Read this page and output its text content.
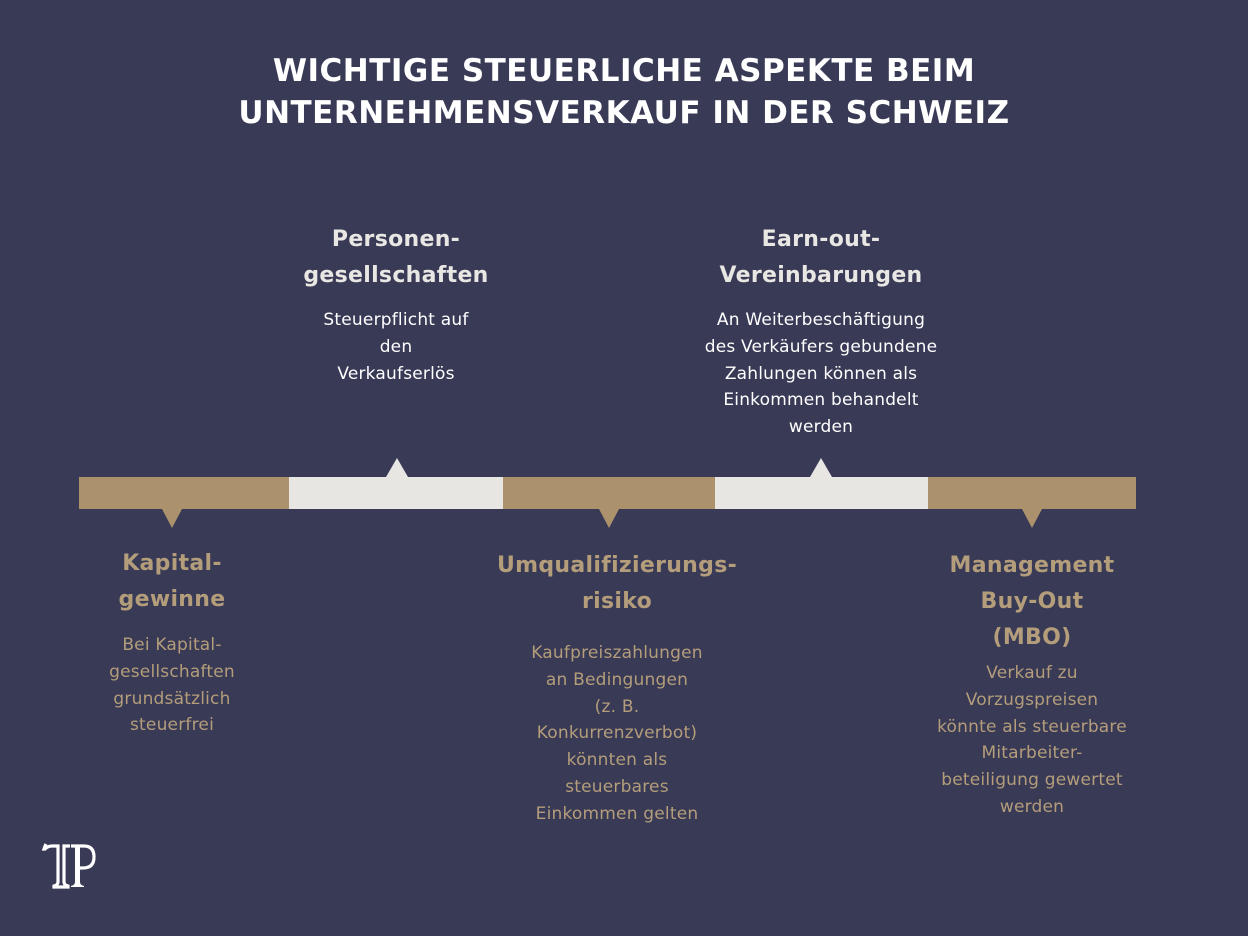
WICHTIGE STEUERLICHE ASPEKTE BEIM
UNTERNEHMENSVERKAUF IN DER SCHWEIZ
Kapital-
gewinne
Bei Kapital-
gesellschaften
grundsätzlich
steuerfrei
Personen-
gesellschaften
Steuerpflicht auf
den
Verkaufserlös
Umqualifizierungs-
risiko
Kaufpreiszahlungen
an Bedingungen
(z. B.
Konkurrenzverbot)
könnten als
steuerbares
Einkommen gelten
Earn-out-
Vereinbarungen
An Weiterbeschäftigung
des Verkäufers gebundene
Zahlungen können als
Einkommen behandelt
werden
Management
Buy-Out
(MBO)
Verkauf zu
Vorzugspreisen
könnte als steuerbare
Mitarbeiter-
beteiligung gewertet
werden
